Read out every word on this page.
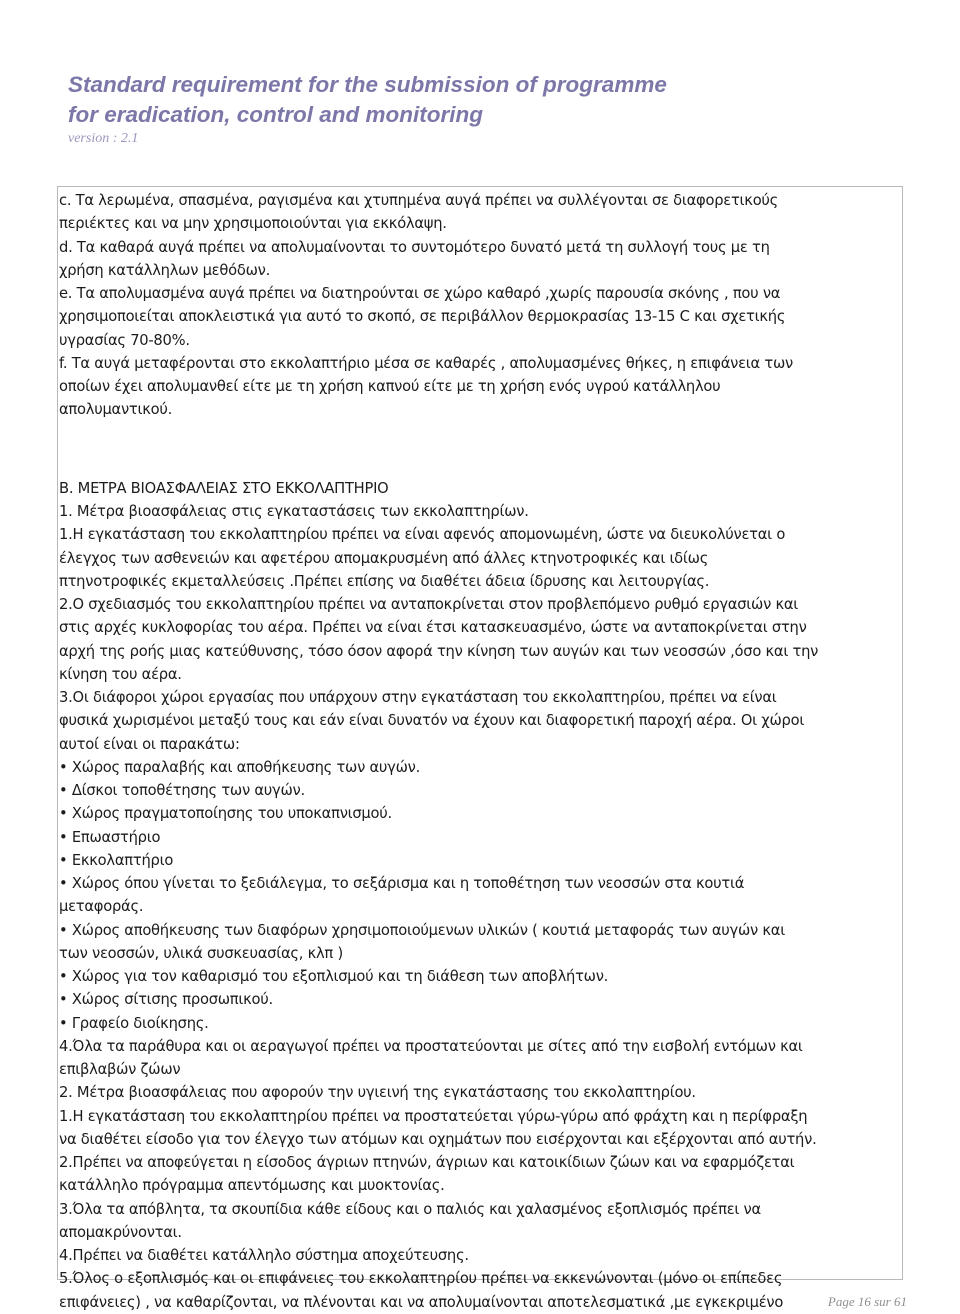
Standard requirement for the submission of programme
for eradication, control and monitoring
version : 2.1

c. Τα λερωμένα, σπασμένα, ραγισμένα και χτυπημένα αυγά πρέπει να συλλέγονται σε διαφορετικούς

περιέκτες και να μην χρησιμοποιούνται για εκκόλαψη.

d. Τα καθαρά αυγά πρέπει να απολυμαίνονται το συντομότερο δυνατό μετά τη συλλογή τους με τη

χρήση κατάλληλων μεθόδων.

e. Τα απολυμασμένα αυγά πρέπει να διατηρούνται σε χώρο καθαρό ,χωρίς παρουσία σκόνης , που να

χρησιμοποιείται αποκλειστικά για αυτό το σκοπό, σε περιβάλλον θερμοκρασίας 13-15 C και σχετικής

υγρασίας 70-80%.

f. Τα αυγά μεταφέρονται στο εκκολαπτήριο μέσα σε καθαρές , απολυμασμένες θήκες, η επιφάνεια των

οποίων έχει απολυμανθεί είτε με τη χρήση καπνού είτε με τη χρήση ενός υγρού κατάλληλου

απολυμαντικού.

Β. ΜΕΤΡΑ ΒΙΟΑΣΦΑΛΕΙΑΣ ΣΤΟ ΕΚΚΟΛΑΠΤΗΡΙΟ

1. Μέτρα βιοασφάλειας στις εγκαταστάσεις των εκκολαπτηρίων.

1.Η εγκατάσταση του εκκολαπτηρίου πρέπει να είναι αφενός απομονωμένη, ώστε να διευκολύνεται ο

έλεγχος των ασθενειών και αφετέρου απομακρυσμένη από άλλες κτηνοτροφικές και ιδίως

πτηνοτροφικές εκμεταλλεύσεις .Πρέπει επίσης να διαθέτει άδεια ίδρυσης και λειτουργίας.

2.Ο σχεδιασμός του εκκολαπτηρίου πρέπει να ανταποκρίνεται στον προβλεπόμενο ρυθμό εργασιών και

στις αρχές κυκλοφορίας του αέρα. Πρέπει να είναι έτσι κατασκευασμένο, ώστε να ανταποκρίνεται στην

αρχή της ροής μιας κατεύθυνσης, τόσο όσον αφορά την κίνηση των αυγών και των νεοσσών ,όσο και την

κίνηση του αέρα.

3.Οι διάφοροι χώροι εργασίας που υπάρχουν στην εγκατάσταση του εκκολαπτηρίου, πρέπει να είναι

φυσικά χωρισμένοι μεταξύ τους και εάν είναι δυνατόν να έχουν και διαφορετική παροχή αέρα. Οι χώροι

αυτοί είναι οι παρακάτω:

• Χώρος παραλαβής και αποθήκευσης των αυγών.

• Δίσκοι τοποθέτησης των αυγών.

• Χώρος πραγματοποίησης του υποκαπνισμού.

• Επωαστήριο

• Εκκολαπτήριο

• Χώρος όπου γίνεται το ξεδιάλεγμα, το σεξάρισμα και η τοποθέτηση των νεοσσών στα κουτιά

μεταφοράς.

• Χώρος αποθήκευσης των διαφόρων χρησιμοποιούμενων υλικών ( κουτιά μεταφοράς των αυγών και

των νεοσσών, υλικά συσκευασίας, κλπ )

• Χώρος για τον καθαρισμό του εξοπλισμού και τη διάθεση των αποβλήτων.

• Χώρος σίτισης προσωπικού.

• Γραφείο διοίκησης.

4.Όλα τα παράθυρα και οι αεραγωγοί πρέπει να προστατεύονται με σίτες από την εισβολή εντόμων και

επιβλαβών ζώων

2. Μέτρα βιοασφάλειας που αφορούν την υγιεινή της εγκατάστασης του εκκολαπτηρίου.

1.Η εγκατάσταση του εκκολαπτηρίου πρέπει να προστατεύεται γύρω-γύρω από φράχτη και η περίφραξη

να διαθέτει είσοδο για τον έλεγχο των ατόμων και οχημάτων που εισέρχονται και εξέρχονται από αυτήν.

2.Πρέπει να αποφεύγεται η είσοδος άγριων πτηνών, άγριων και κατοικίδιων ζώων και να εφαρμόζεται

κατάλληλο πρόγραμμα απεντόμωσης και μυοκτονίας.

3.Όλα τα απόβλητα, τα σκουπίδια κάθε είδους και ο παλιός και χαλασμένος εξοπλισμός πρέπει να

απομακρύνονται.

4.Πρέπει να διαθέτει κατάλληλο σύστημα αποχεύτευσης.

5.Όλος ο εξοπλισμός και οι επιφάνειες του εκκολαπτηρίου πρέπει να εκκενώνονται (μόνο οι επίπεδες

επιφάνειες) , να καθαρίζονται, να πλένονται και να απολυμαίνονται αποτελεσματικά ,με εγκεκριμένο	Page 16 sur 61
